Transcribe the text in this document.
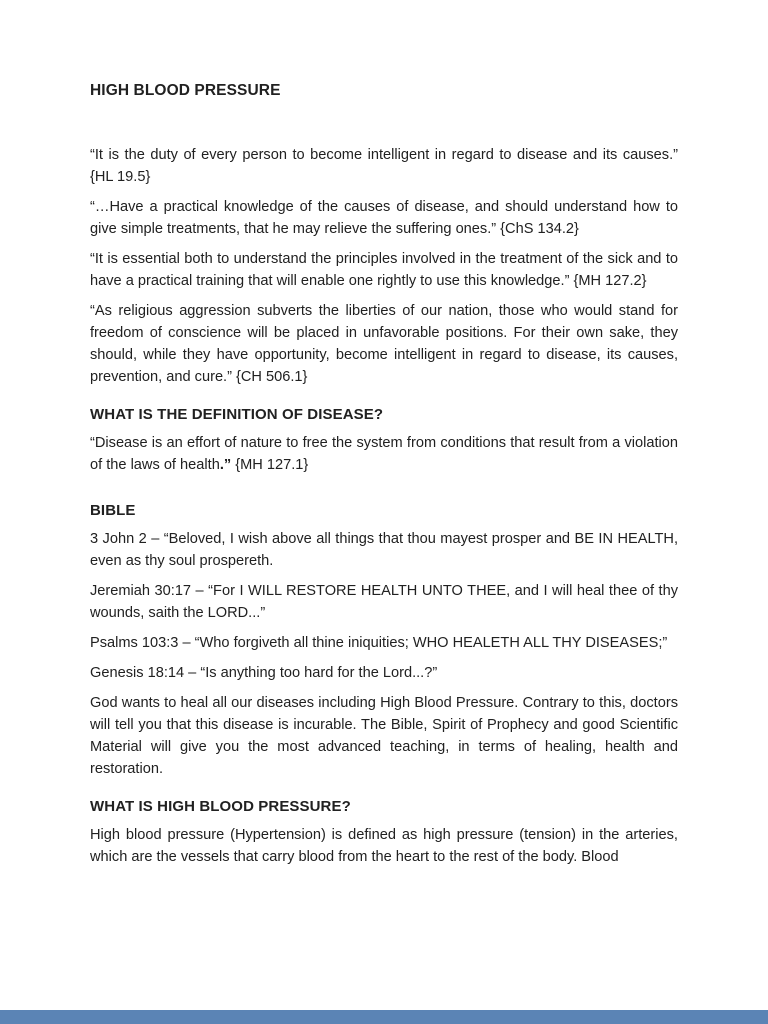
HIGH BLOOD PRESSURE

“It is the duty of every person to become intelligent in regard to disease and its causes.” {HL 19.5}

“…Have a practical knowledge of the causes of disease, and should understand how to give simple treatments, that he may relieve the suffering ones.” {ChS 134.2}

“It is essential both to understand the principles involved in the treatment of the sick and to have a practical training that will enable one rightly to use this knowledge.” {MH 127.2}

“As religious aggression subverts the liberties of our nation, those who would stand for freedom of conscience will be placed in unfavorable positions. For their own sake, they should, while they have opportunity, become intelligent in regard to disease, its causes, prevention, and cure.” {CH 506.1}

WHAT IS THE DEFINITION OF DISEASE?

“Disease is an effort of nature to free the system from conditions that result from a violation of the laws of health.” {MH 127.1}

BIBLE

3 John 2 – “Beloved, I wish above all things that thou mayest prosper and BE IN HEALTH, even as thy soul prospereth.

Jeremiah 30:17 – “For I WILL RESTORE HEALTH UNTO THEE, and I will heal thee of thy wounds, saith the LORD...”

Psalms 103:3 – “Who forgiveth all thine iniquities; WHO HEALETH ALL THY DISEASES;”

Genesis 18:14 – “Is anything too hard for the Lord...?”

God wants to heal all our diseases including High Blood Pressure. Contrary to this, doctors will tell you that this disease is incurable. The Bible, Spirit of Prophecy and good Scientific Material will give you the most advanced teaching, in terms of healing, health and restoration.

WHAT IS HIGH BLOOD PRESSURE?

High blood pressure (Hypertension) is defined as high pressure (tension) in the arteries, which are the vessels that carry blood from the heart to the rest of the body. Blood
